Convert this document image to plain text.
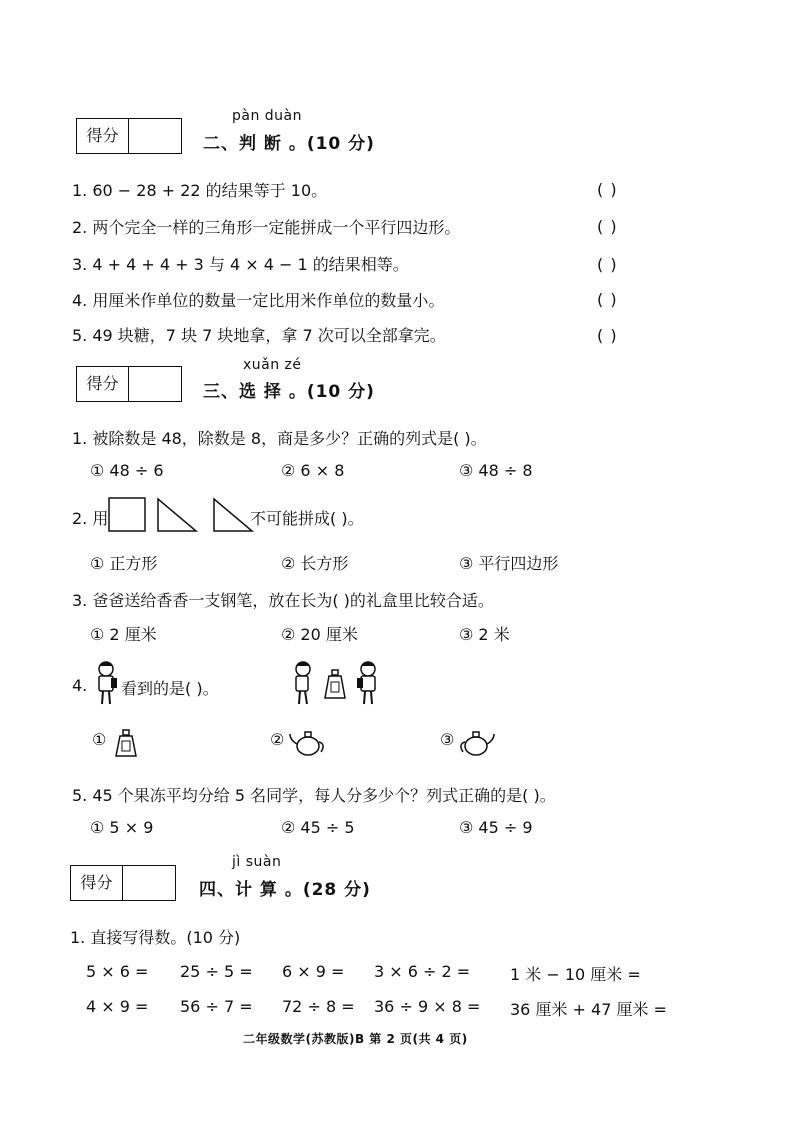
得分
pàn duàn
二、判 断 。(10 分)
1. 60 − 28 + 22 的结果等于 10。	( )
2. 两个完全一样的三角形一定能拼成一个平行四边形。	( )
3. 4 + 4 + 4 + 3 与 4 × 4 − 1 的结果相等。	( )
4. 用厘米作单位的数量一定比用米作单位的数量小。	( )
5. 49 块糖，7 块 7 块地拿，拿 7 次可以全部拿完。	( )
得分
xuǎn zé
三、选 择 。(10 分)
1. 被除数是 48，除数是 8，商是多少？正确的列式是( )。
① 48 ÷ 6	② 6 × 8	③ 48 ÷ 8
2. 用	不可能拼成( )。
① 正方形	② 长方形	③ 平行四边形
3. 爸爸送给香香一支钢笔，放在长为( )的礼盒里比较合适。
① 2 厘米	② 20 厘米	③ 2 米
4. 看到的是( )。
①	②	③
5. 45 个果冻平均分给 5 名同学，每人分多少个？列式正确的是( )。
① 5 × 9	② 45 ÷ 5	③ 45 ÷ 9
得分
jì suàn
四、计 算 。(28 分)
1. 直接写得数。(10 分)
5 × 6 = 25 ÷ 5 = 6 × 9 = 3 × 6 ÷ 2 = 1 米 − 10 厘米 =
4 × 9 = 56 ÷ 7 = 72 ÷ 8 = 36 ÷ 9 × 8 = 36 厘米 + 47 厘米 =
二年级数学(苏教版)B 第 2 页(共 4 页)
